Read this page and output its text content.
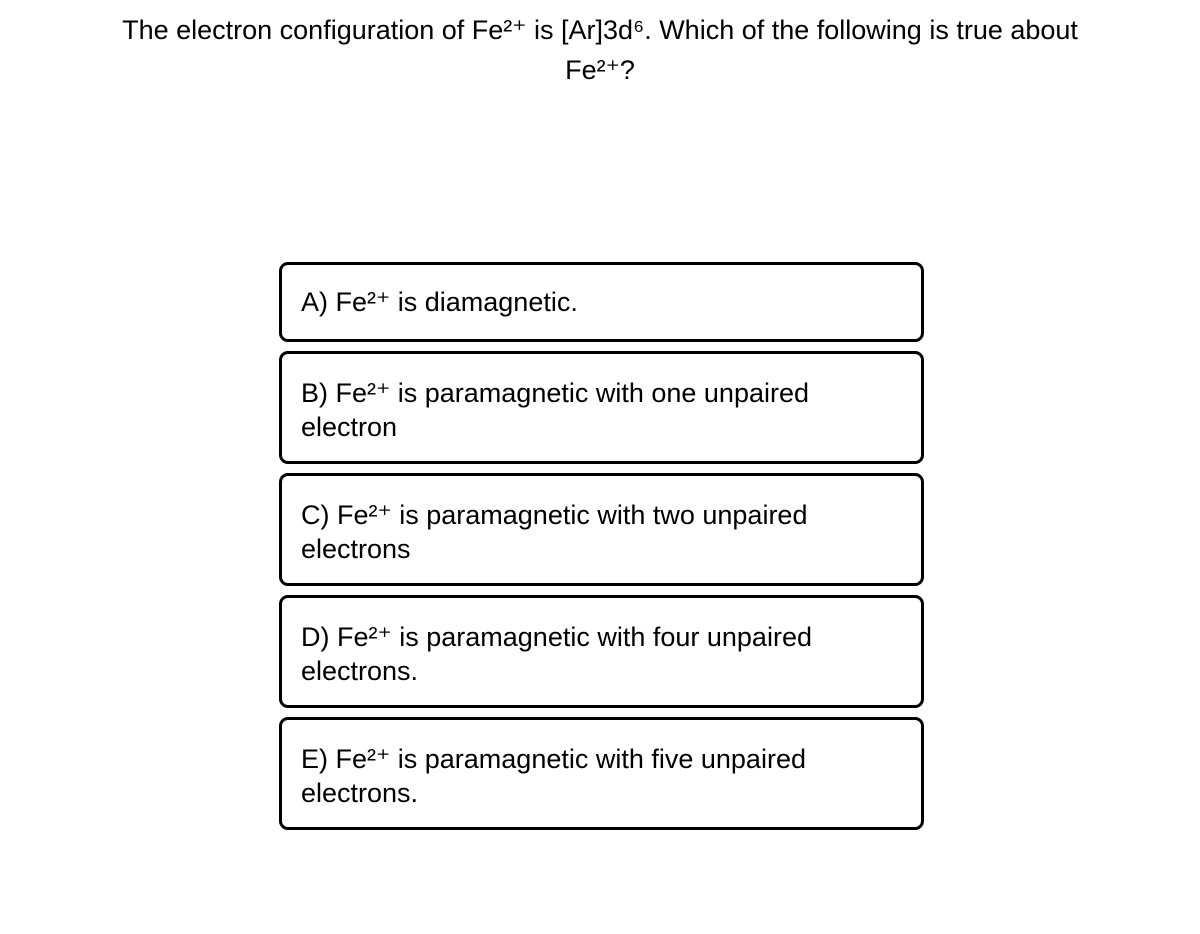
The electron configuration of Fe²⁺ is [Ar]3d⁶. Which of the following is true about
Fe²⁺?
A) Fe²⁺ is diamagnetic.
B) Fe²⁺ is paramagnetic with one unpaired
electron
C) Fe²⁺ is paramagnetic with two unpaired
electrons
D) Fe²⁺ is paramagnetic with four unpaired
electrons.
E) Fe²⁺ is paramagnetic with five unpaired
electrons.
